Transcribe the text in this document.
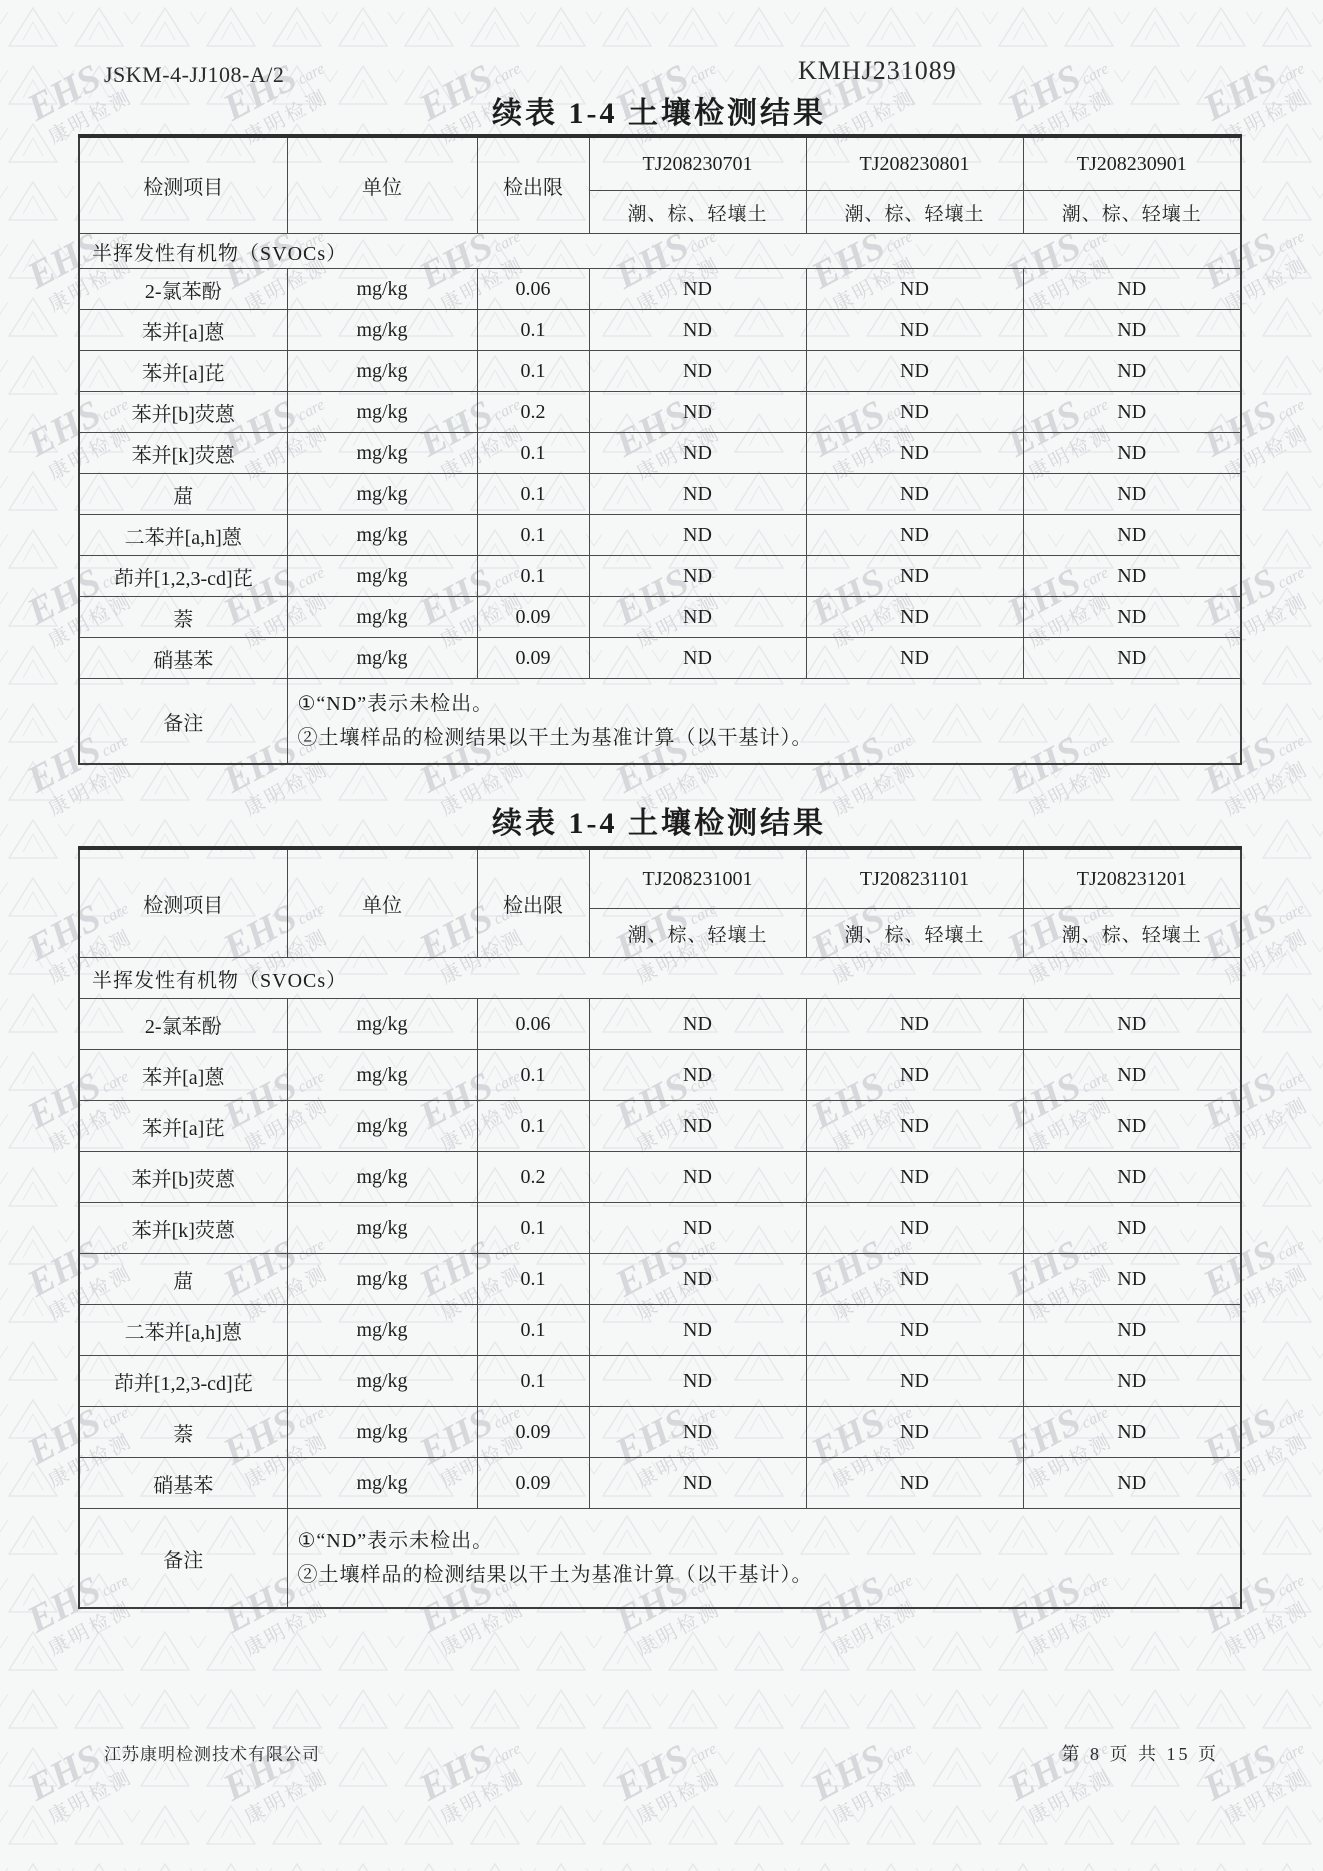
JSKM-4-JJ108-A/2	KMHJ231089
续表 1-4 土壤检测结果
检测项目	单位	检出限	TJ208230701	TJ208230801	TJ208230901
			潮、棕、轻壤土	潮、棕、轻壤土	潮、棕、轻壤土
半挥发性有机物（SVOCs）					
2-氯苯酚	mg/kg	0.06	ND	ND	ND
苯并[a]蒽	mg/kg	0.1	ND	ND	ND
苯并[a]芘	mg/kg	0.1	ND	ND	ND
苯并[b]荧蒽	mg/kg	0.2	ND	ND	ND
苯并[k]荧蒽	mg/kg	0.1	ND	ND	ND
䓛	mg/kg	0.1	ND	ND	ND
二苯并[a,h]蒽	mg/kg	0.1	ND	ND	ND
茚并[1,2,3-cd]芘	mg/kg	0.1	ND	ND	ND
萘	mg/kg	0.09	ND	ND	ND
硝基苯	mg/kg	0.09	ND	ND	ND
备注	①“ND”表示未检出。
②土壤样品的检测结果以干土为基准计算（以干基计）。				
续表 1-4 土壤检测结果
检测项目	单位	检出限	TJ208231001	TJ208231101	TJ208231201
			潮、棕、轻壤土	潮、棕、轻壤土	潮、棕、轻壤土
半挥发性有机物（SVOCs）					
2-氯苯酚	mg/kg	0.06	ND	ND	ND
苯并[a]蒽	mg/kg	0.1	ND	ND	ND
苯并[a]芘	mg/kg	0.1	ND	ND	ND
苯并[b]荧蒽	mg/kg	0.2	ND	ND	ND
苯并[k]荧蒽	mg/kg	0.1	ND	ND	ND
䓛	mg/kg	0.1	ND	ND	ND
二苯并[a,h]蒽	mg/kg	0.1	ND	ND	ND
茚并[1,2,3-cd]芘	mg/kg	0.1	ND	ND	ND
萘	mg/kg	0.09	ND	ND	ND
硝基苯	mg/kg	0.09	ND	ND	ND
备注	①“ND”表示未检出。
②土壤样品的检测结果以干土为基准计算（以干基计）。				
江苏康明检测技术有限公司	第 8 页 共 15 页
